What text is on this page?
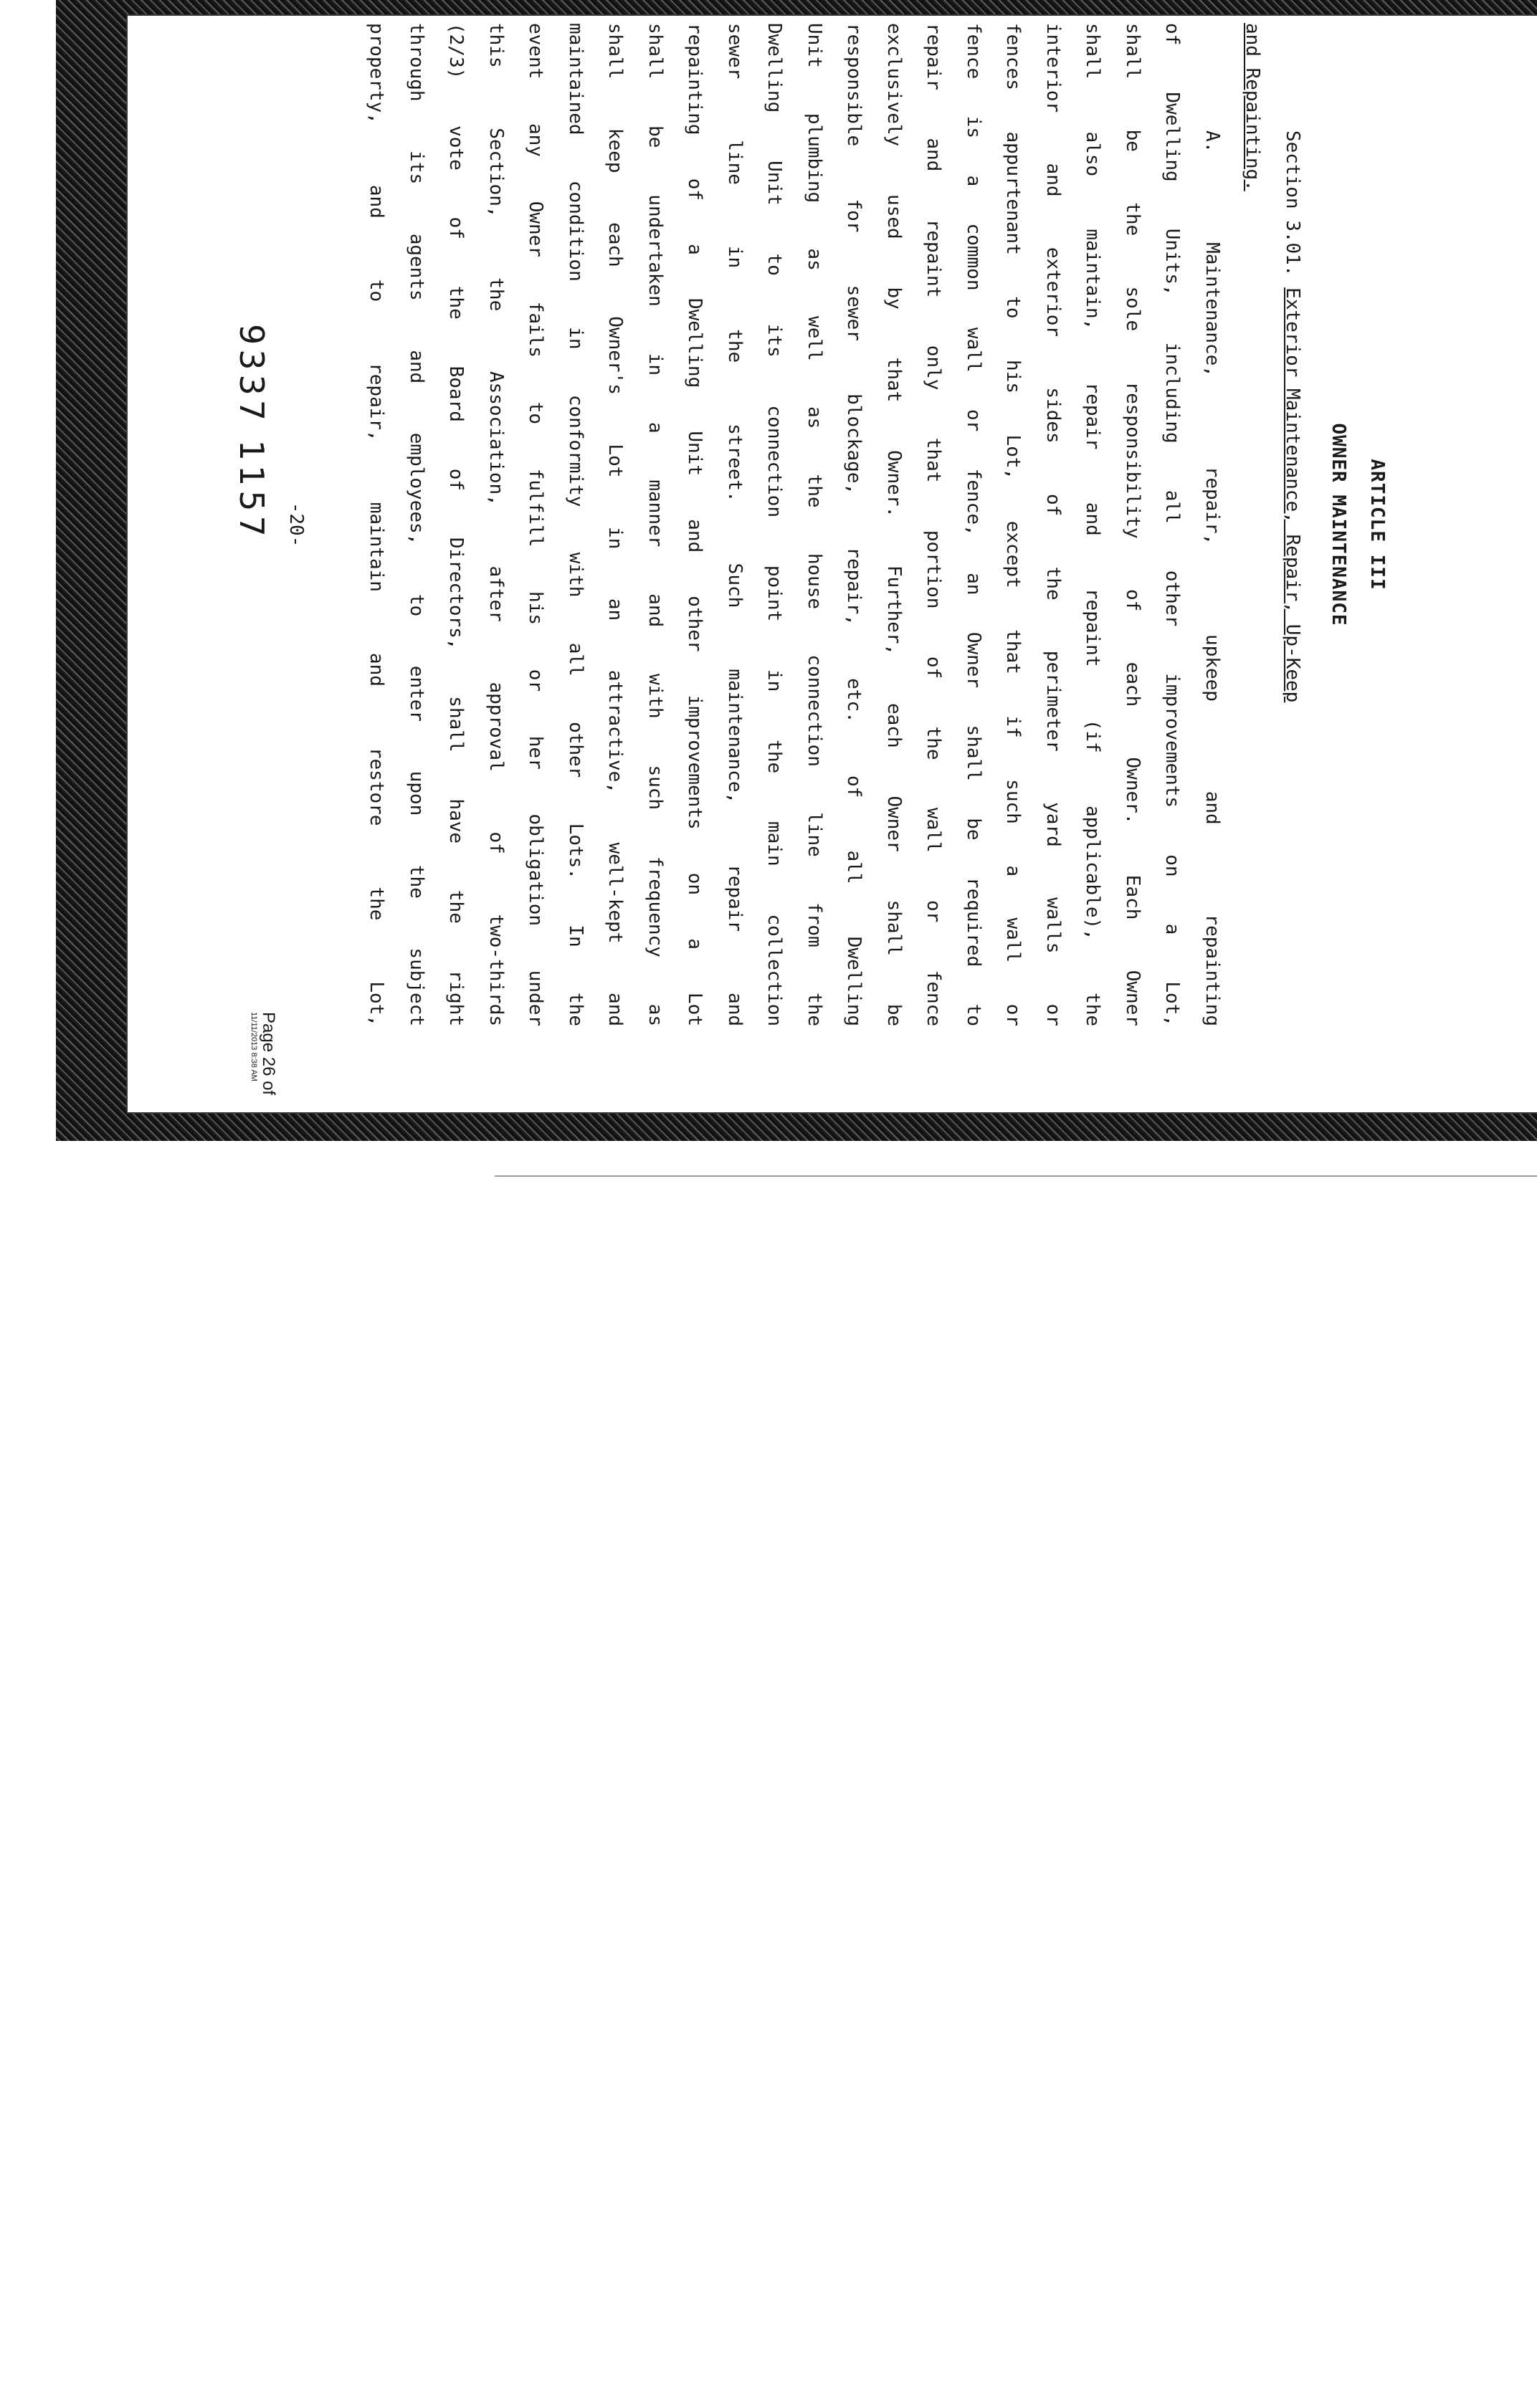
ARTICLE III
OWNER MAINTENANCE
Section 3.01. Exterior Maintenance, Repair, Up-Keep
and Repainting.
A. Maintenance, repair, upkeep and repainting
of Dwelling Units, including all other improvements on a Lot,
shall be the sole responsibility of each Owner. Each Owner
shall also maintain, repair and repaint (if applicable), the
interior and exterior sides of the perimeter yard walls or
fences appurtenant to his Lot, except that if such a wall or
fence is a common wall or fence, an Owner shall be required to
repair and repaint only that portion of the wall or fence
exclusively used by that Owner. Further, each Owner shall be
responsible for sewer blockage, repair, etc. of all Dwelling
Unit plumbing as well as the house connection line from the
Dwelling Unit to its connection point in the main collection
sewer line in the street. Such maintenance, repair and
repainting of a Dwelling Unit and other improvements on a Lot
shall be undertaken in a manner and with such frequency as
shall keep each Owner's Lot in an attractive, well-kept and
maintained condition in conformity with all other Lots. In the
event any Owner fails to fulfill his or her obligation under
this Section, the Association, after approval of two-thirds
(2/3) vote of the Board of Directors, shall have the right
through its agents and employees, to enter upon the subject
property, and to repair, maintain and restore the Lot,
-20-
9337 1157
Page 26 of
11/11/2013 8:38 AM
